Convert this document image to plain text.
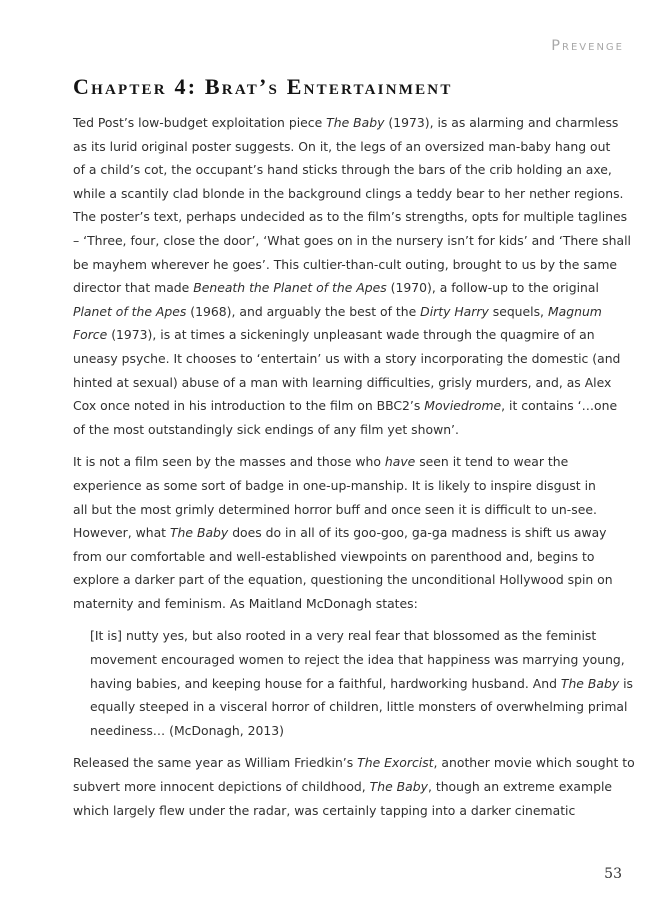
Prevenge
Chapter 4: Brat’s Entertainment

Ted Post’s low-budget exploitation piece The Baby (1973), is as alarming and charmless
as its lurid original poster suggests. On it, the legs of an oversized man-baby hang out
of a child’s cot, the occupant’s hand sticks through the bars of the crib holding an axe,
while a scantily clad blonde in the background clings a teddy bear to her nether regions.
The poster’s text, perhaps undecided as to the film’s strengths, opts for multiple taglines
– ‘Three, four, close the door’, ‘What goes on in the nursery isn’t for kids’ and ‘There shall
be mayhem wherever he goes’. This cultier-than-cult outing, brought to us by the same
director that made Beneath the Planet of the Apes (1970), a follow-up to the original
Planet of the Apes (1968), and arguably the best of the Dirty Harry sequels, Magnum
Force (1973), is at times a sickeningly unpleasant wade through the quagmire of an
uneasy psyche. It chooses to ‘entertain’ us with a story incorporating the domestic (and
hinted at sexual) abuse of a man with learning difficulties, grisly murders, and, as Alex
Cox once noted in his introduction to the film on BBC2’s Moviedrome, it contains ‘…one
of the most outstandingly sick endings of any film yet shown’.

It is not a film seen by the masses and those who have seen it tend to wear the
experience as some sort of badge in one-up-manship. It is likely to inspire disgust in
all but the most grimly determined horror buff and once seen it is difficult to un-see.
However, what The Baby does do in all of its goo-goo, ga-ga madness is shift us away
from our comfortable and well-established viewpoints on parenthood and, begins to
explore a darker part of the equation, questioning the unconditional Hollywood spin on
maternity and feminism. As Maitland McDonagh states:

[It is] nutty yes, but also rooted in a very real fear that blossomed as the feminist
movement encouraged women to reject the idea that happiness was marrying young,
having babies, and keeping house for a faithful, hardworking husband. And The Baby is
equally steeped in a visceral horror of children, little monsters of overwhelming primal
neediness… (McDonagh, 2013)

Released the same year as William Friedkin’s The Exorcist, another movie which sought to
subvert more innocent depictions of childhood, The Baby, though an extreme example
which largely flew under the radar, was certainly tapping into a darker cinematic

53
